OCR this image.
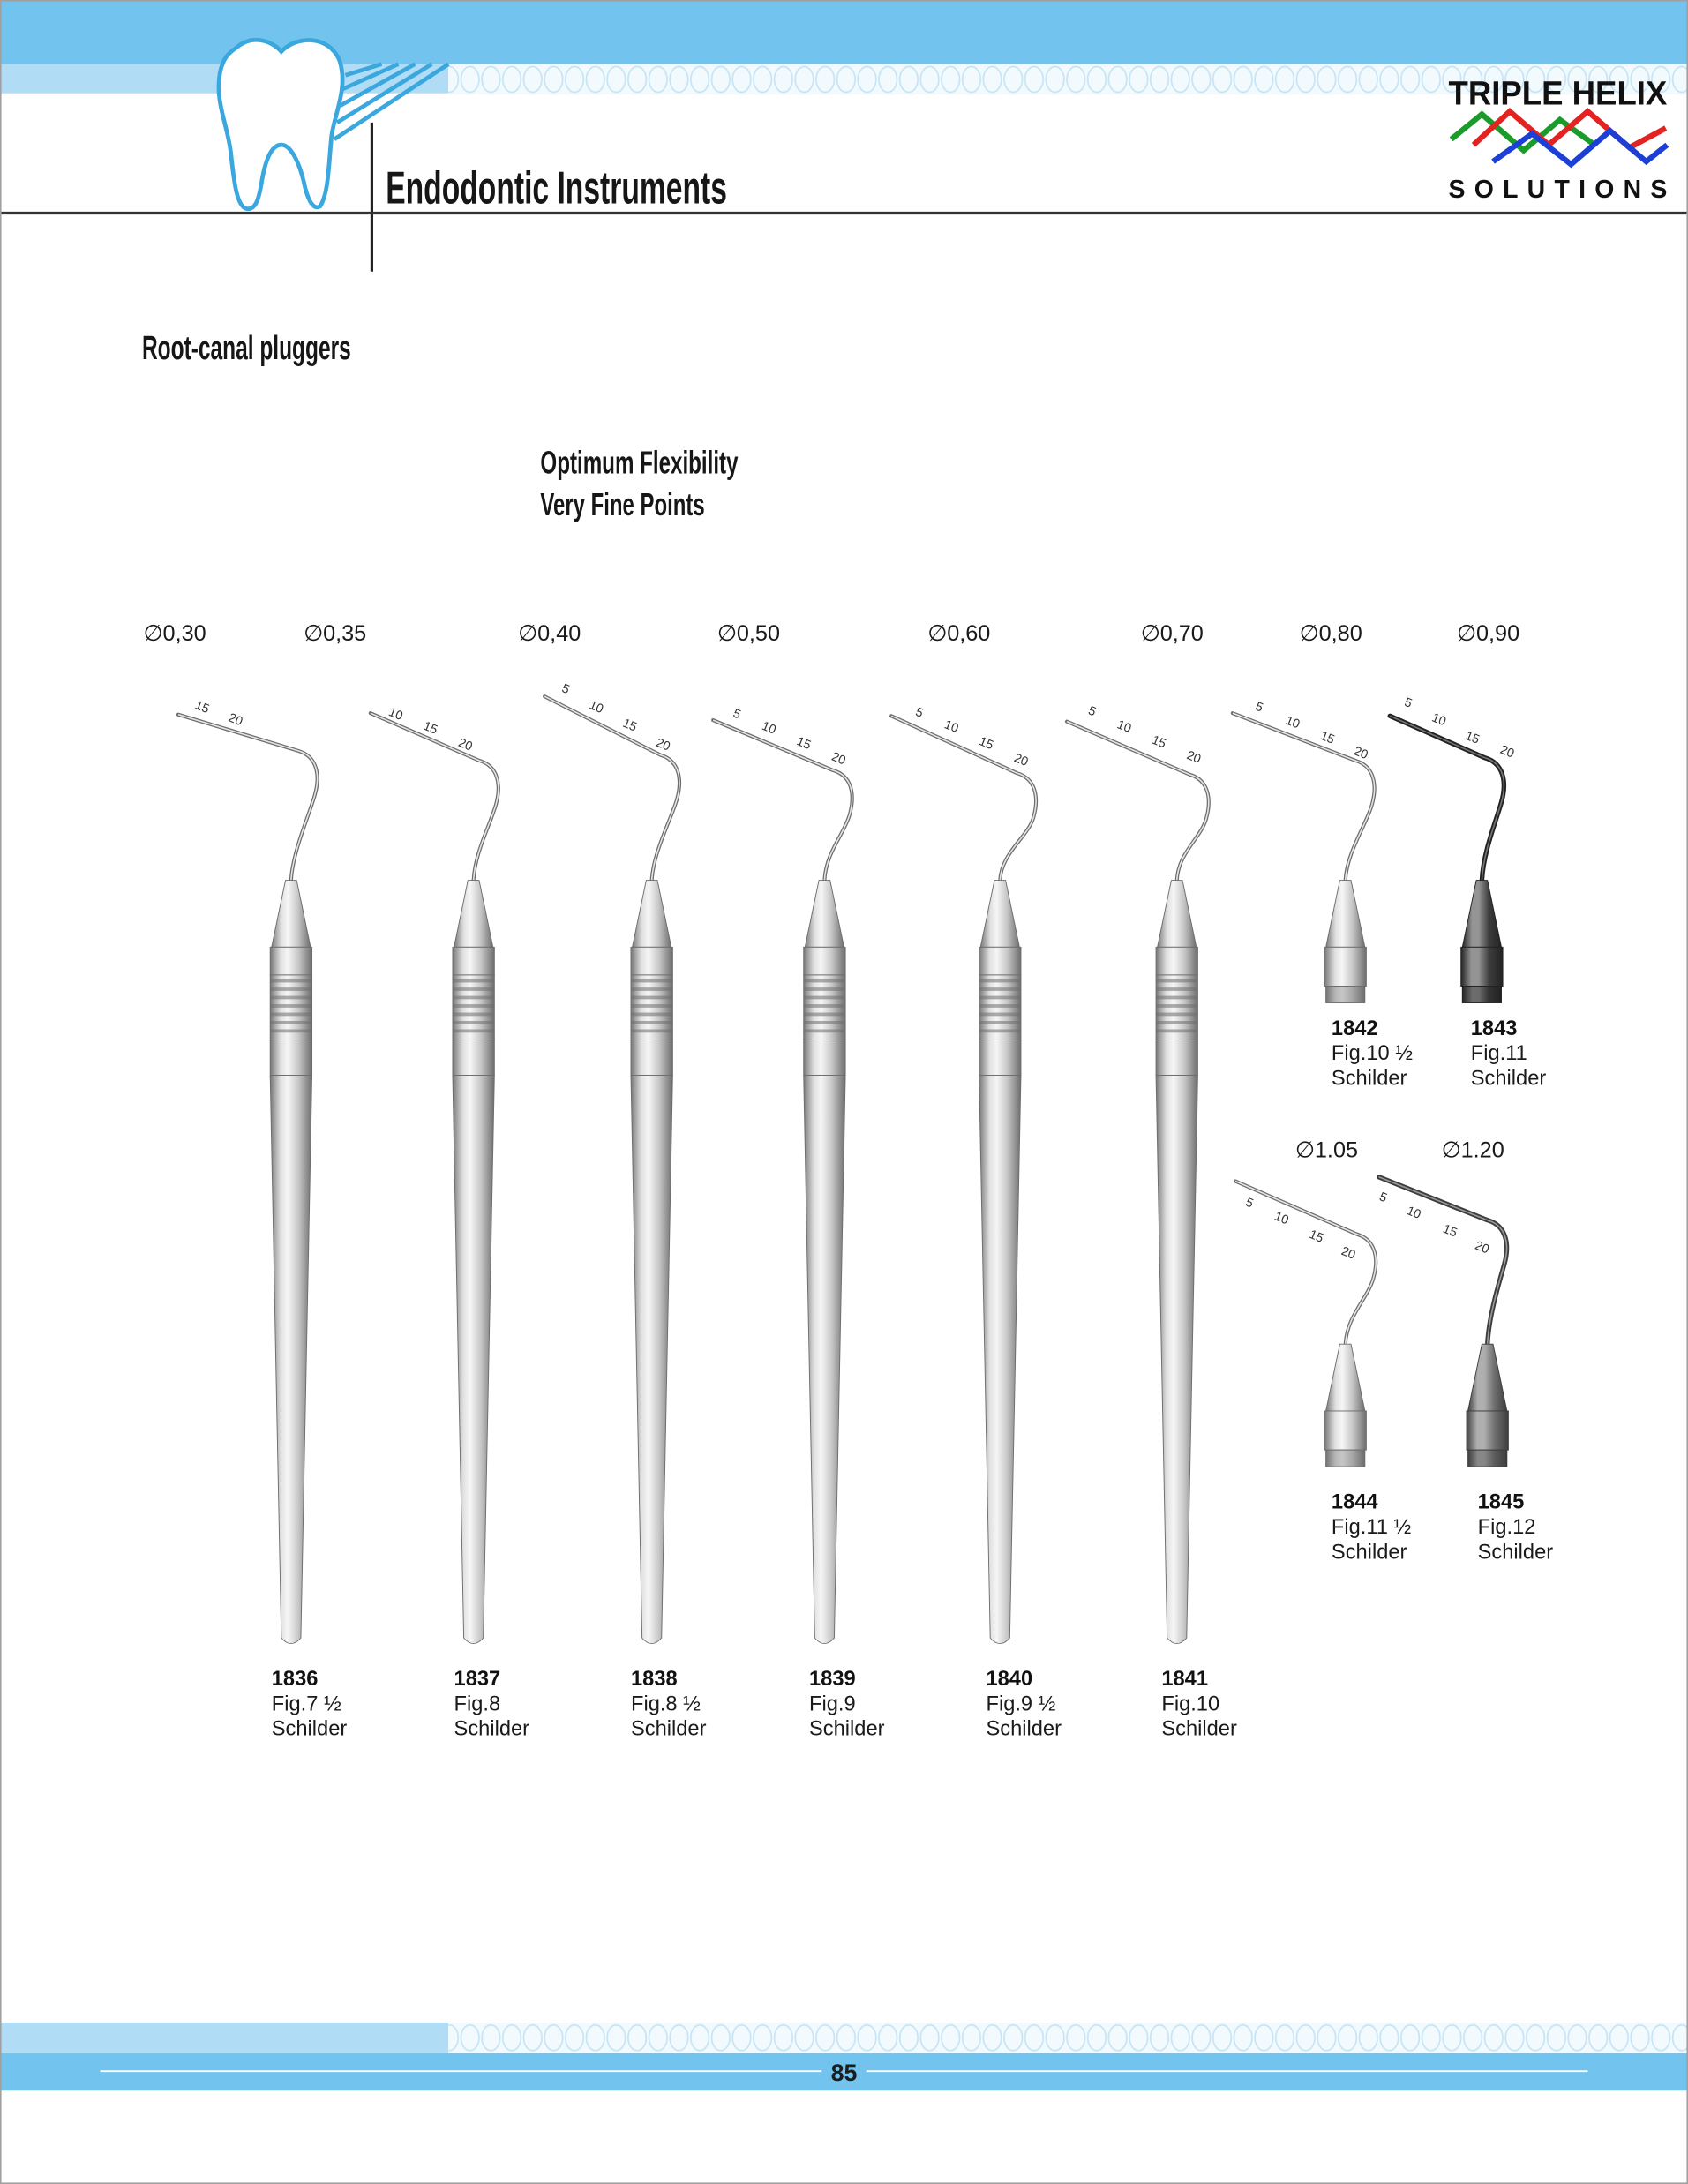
Endodontic Instruments
TRIPLE HELIX
SOLUTIONS
Root-canal pluggers
Optimum Flexibility
Very Fine Points
∅0,30
15
20
1836
Fig.7 ½
Schilder
∅0,35
10
15
20
1837
Fig.8
Schilder
∅0,40
5
10
15
20
1838
Fig.8 ½
Schilder
∅0,50
5
10
15
20
1839
Fig.9
Schilder
∅0,60
5
10
15
20
1840
Fig.9 ½
Schilder
∅0,70
5
10
15
20
1841
Fig.10
Schilder
∅0,80
5
10
15
20
1842
Fig.10 ½
Schilder
∅0,90
5
10
15
20
1843
Fig.11
Schilder
∅1.05
5
10
15
20
1844
Fig.11 ½
Schilder
∅1.20
5
10
15
20
1845
Fig.12
Schilder
85
